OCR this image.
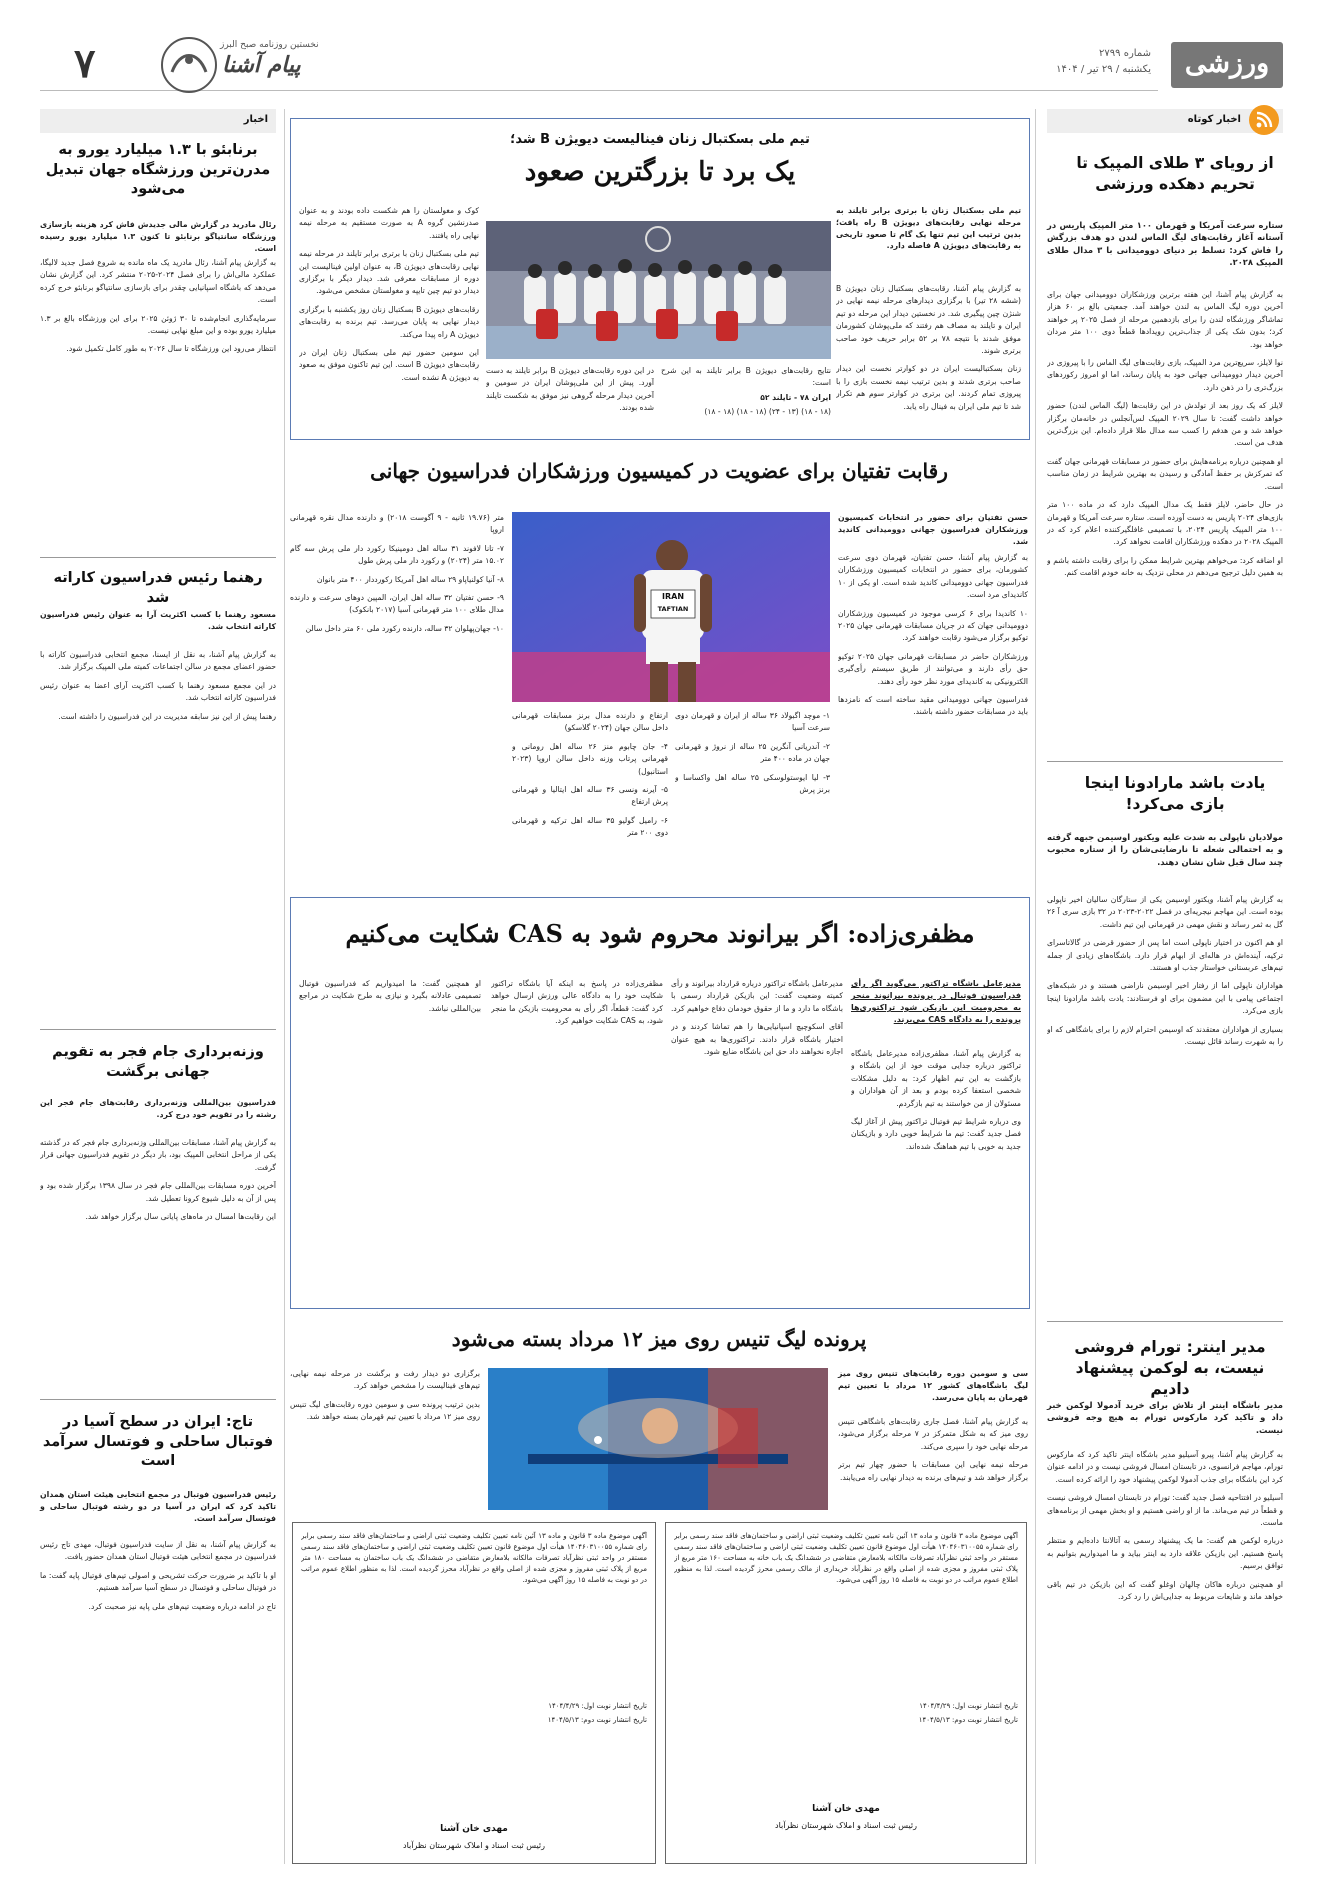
ورزشی
شماره ۲۷۹۹
یکشنبه / ۲۹ تیر / ۱۴۰۴
۷	پیام آشنا
نخستین روزنامه صبح البرز
اخبار کوتاه
از رویای ۳ طلای المپیک تا تحریم دهکده ورزشی
ستاره سرعت آمریکا و قهرمان ۱۰۰ متر المپیک پاریس در آستانه آغاز رقابت‌های لیگ الماس لندن دو هدف بزرگش را فاش کرد: تسلط بر دنیای دوومیدانی با ۳ مدال طلای المپیک ۲۰۲۸.

به گزارش پیام آشنا، این هفته برترین ورزشکاران دوومیدانی جهان برای آخرین دوره لیگ الماس به لندن خواهند آمد. جمعیتی بالغ بر ۶۰ هزار تماشاگر ورزشگاه لندن را برای بازدهمین مرحله از فصل ۲۰۲۵ پر خواهند کرد؛ بدون شک یکی از جذاب‌ترین رویدادها قطعاً دوی ۱۰۰ متر مردان خواهد بود.

نوا لایلز، سریع‌ترین مرد المپیک، بازی رقابت‌های لیگ الماس را با پیروزی در آخرین دیدار دوومیدانی جهانی خود به پایان رساند، اما او امروز رکوردهای بزرگ‌تری را در ذهن دارد.

لایلز که یک روز بعد از تولدش در این رقابت‌ها (لیگ الماس لندن) حضور خواهد داشت گفت: تا سال ۲۰۲۹ المپیک لس‌آنجلس در خانه‌مان برگزار خواهد شد و من هدفم را کسب سه مدال طلا قرار داده‌ام. این بزرگ‌ترین هدف من است.

او همچنین درباره برنامه‌هایش برای حضور در مسابقات قهرمانی جهان گفت که تمرکزش بر حفظ آمادگی و رسیدن به بهترین شرایط در زمان مناسب است.

در حال حاضر، لایلز فقط یک مدال المپیک دارد که در ماده ۱۰۰ متر بازی‌های ۲۰۲۴ پاریس به دست آورده است. ستاره سرعت آمریکا و قهرمان ۱۰۰ متر المپیک پاریس ۲۰۲۴، با تصمیمی غافلگیرکننده اعلام کرد که در المپیک ۲۰۲۸ در دهکده ورزشکاران اقامت نخواهد کرد.

او اضافه کرد: می‌خواهم بهترین شرایط ممکن را برای رقابت داشته باشم و به همین دلیل ترجیح می‌دهم در محلی نزدیک به خانه خودم اقامت کنم.

یادت باشد مارادونا اینجا بازی می‌کرد!
مولادیان ناپولی به شدت علیه ویکتور اوسیمن جبهه گرفته و به احتمالی شعله تا نارضایتی‌شان را از ستاره محبوب چند سال قبل شان نشان دهند.

به گزارش پیام آشنا، ویکتور اوسیمن یکی از ستارگان سالیان اخیر ناپولی بوده است. این مهاجم نیجریه‌ای در فصل ۲۰۲۲-۲۰۲۳ در ۳۲ بازی سری آ ۲۶ گل به ثمر رساند و نقش مهمی در قهرمانی این تیم داشت.

او هم اکنون در اختیار ناپولی است اما پس از حضور قرضی در گالاتاسرای ترکیه، آینده‌اش در هاله‌ای از ابهام قرار دارد. باشگاه‌های زیادی از جمله تیم‌های عربستانی خواستار جذب او هستند.

هواداران ناپولی اما از رفتار اخیر اوسیمن ناراضی هستند و در شبکه‌های اجتماعی پیامی با این مضمون برای او فرستادند: یادت باشد مارادونا اینجا بازی می‌کرد.

بسیاری از هواداران معتقدند که اوسیمن احترام لازم را برای باشگاهی که او را به شهرت رساند قائل نیست.

مدیر اینتر: تورام فروشی نیست، به لوکمن پیشنهاد دادیم
مدیر باشگاه اینتر از تلاش برای خرید آدمولا لوکمن خبر داد و تاکید کرد مارکوس تورام به هیچ وجه فروشی نیست.

به گزارش پیام آشنا، پیرو آسیلیو مدیر باشگاه اینتر تاکید کرد که مارکوس تورام، مهاجم فرانسوی، در تابستان امسال فروشی نیست و در ادامه عنوان کرد این باشگاه برای جذب آدمولا لوکمن پیشنهاد خود را ارائه کرده است.

آسیلیو در افتتاحیه فصل جدید گفت: تورام در تابستان امسال فروشی نیست و قطعاً در تیم می‌ماند. ما از او راضی هستیم و او بخش مهمی از برنامه‌های ماست.

درباره لوکمن هم گفت: ما یک پیشنهاد رسمی به آتالانتا داده‌ایم و منتظر پاسخ هستیم. این بازیکن علاقه دارد به اینتر بیاید و ما امیدواریم بتوانیم به توافق برسیم.

او همچنین درباره هاکان چالهان اوغلو گفت که این بازیکن در تیم باقی خواهد ماند و شایعات مربوط به جدایی‌اش را رد کرد.

تیم ملی بسکتبال زنان فینالیست دیویژن B شد؛
یک برد تا بزرگترین صعود
تیم ملی بسکتبال زنان با برتری برابر تایلند به مرحله نهایی رقابت‌های دیویژن B راه یافت؛ بدین ترتیب این تیم تنها یک گام تا صعود تاریخی به رقابت‌های دیویژن A فاصله دارد.

به گزارش پیام آشنا، رقابت‌های بسکتبال زنان دیویژن B (ششه ۲۸ تیر) با برگزاری دیدارهای مرحله نیمه نهایی در شنژن چین پیگیری شد. در نخستین دیدار این مرحله دو تیم ایران و تایلند به مصاف هم رفتند که ملی‌پوشان کشورمان موفق شدند با نتیجه ۷۸ بر ۵۲ برابر حریف خود صاحب برتری شوند.

زنان بسکتبالیست ایران در دو کوارتر نخست این دیدار صاحب برتری شدند و بدین ترتیب نیمه نخست بازی را با پیروزی تمام کردند. این برتری در کوارتر سوم هم تکرار شد تا تیم ملی ایران به فینال راه یابد.

نتایج رقابت‌های دیویژن B برابر تایلند به این شرح است:

ایران ۷۸ - تایلند ۵۲

(۱۸ - ۱۸) (۱۳ - ۲۴) (۱۸ - ۱۸) (۱۸ - ۱۸)

در این دوره رقابت‌های دیویژن B برابر تایلند به دست آورد. پیش از این ملی‌پوشان ایران در سومین و آخرین دیدار مرحله گروهی نیز موفق به شکست تایلند شده بودند.

کوک و مغولستان را هم شکست داده بودند و به عنوان صدرنشین گروه A به صورت مستقیم به مرحله نیمه نهایی راه یافتند.

تیم ملی بسکتبال زنان با برتری برابر تایلند در مرحله نیمه نهایی رقابت‌های دیویژن B، به عنوان اولین فینالیست این دوره از مسابقات معرفی شد. دیدار دیگر با برگزاری دیدار دو تیم چین تایپه و مغولستان مشخص می‌شود.

رقابت‌های دیویژن B بسکتبال زنان روز یکشنبه با برگزاری دیدار نهایی به پایان می‌رسد. تیم برنده به رقابت‌های دیویژن A راه پیدا می‌کند.

این سومین حضور تیم ملی بسکتبال زنان ایران در رقابت‌های دیویژن B است. این تیم تاکنون موفق به صعود به دیویژن A نشده است.

رقابت تفتیان برای عضویت در کمیسیون ورزشکاران فدراسیون جهانی
حسن تفتیان برای حضور در انتخابات کمیسیون ورزشکاران فدراسیون جهانی دوومیدانی کاندید شد.

به گزارش پیام آشنا، حسن تفتیان، قهرمان دوی سرعت کشورمان، برای حضور در انتخابات کمیسیون ورزشکاران فدراسیون جهانی دوومیدانی کاندید شده است. او یکی از ۱۰ کاندیدای مرد است.

۱۰ کاندیدا برای ۶ کرسی موجود در کمیسیون ورزشکاران دوومیدانی جهان که در جریان مسابقات قهرمانی جهان ۲۰۲۵ توکیو برگزار می‌شود رقابت خواهند کرد.

ورزشکاران حاضر در مسابقات قهرمانی جهان ۲۰۲۵ توکیو حق رأی دارند و می‌توانند از طریق سیستم رأی‌گیری الکترونیکی به کاندیدای مورد نظر خود رأی دهند.

فدراسیون جهانی دوومیدانی مقید ساخته است که نامزدها باید در مسابقات حضور داشته باشند.

IRAN
TAFTIAN

۱- موچد اگبولاد ۳۶ ساله از ایران و قهرمان دوی سرعت آسیا

۲- آندریانی آنگرین ۲۵ ساله از نروژ و قهرمانی جهان در ماده ۴۰۰ متر

۳- لیا ایوستولوسکی ۲۵ ساله اهل واکساسا و برنز پرش

ارتفاع و دارنده مدال برنز مسابقات قهرمانی داخل سالن جهان (۲۰۲۴ گلاسکو)

۴- جان چابوم منز ۲۶ ساله اهل رومانی و قهرمانی پرتاب وزنه داخل سالن اروپا (۲۰۲۳ استانبول)

۵- آیرنه ونسی ۳۶ ساله اهل ایتالیا و قهرمانی پرش ارتفاع

۶- رامیل گولیو ۳۵ ساله اهل ترکیه و قهرمانی دوی ۲۰۰ متر

متر (۱۹.۷۶ ثانیه - ۹ آگوست ۲۰۱۸) و دارنده مدال نقره قهرمانی اروپا

۷- تانا لافوند ۳۱ ساله اهل دومینیکا رکورد دار ملی پرش سه گام ۱۵.۰۲ متر (۲۰۲۴) و رکورد دار ملی پرش طول

۸- آنیا کولنیاپاو ۲۹ ساله اهل آمریکا رکورددار ۴۰۰ متر بانوان

۹- حسن تفتیان ۳۲ ساله اهل ایران، المپین دوهای سرعت و دارنده مدال طلای ۱۰۰ متر قهرمانی آسیا (۲۰۱۷ بانکوک)

۱۰- جهان‌پهلوان ۳۲ ساله، دارنده رکورد ملی ۶۰ متر داخل سالن

مظفری‌زاده: اگر بیرانوند محروم شود به CAS شکایت می‌کنیم
مدیرعامل باشگاه تراکتور می‌گوید اگر رأی فدراسیون فوتبال در پرونده بیرانوند منجر به محرومیت این بازیکن شود تراکتوری‌ها پرونده را به دادگاه CAS می‌برند.

به گزارش پیام آشنا، مظفری‌زاده مدیرعامل باشگاه تراکتور درباره جدایی موقت خود از این باشگاه و بازگشت به این تیم اظهار کرد: به دلیل مشکلات شخصی استعفا کرده بودم و بعد از آن هواداران و مسئولان از من خواستند به تیم بازگردم.

وی درباره شرایط تیم فوتبال تراکتور پیش از آغاز لیگ فصل جدید گفت: تیم ما شرایط خوبی دارد و بازیکنان جدید به خوبی با تیم هماهنگ شده‌اند.

مدیرعامل باشگاه تراکتور درباره قرارداد بیرانوند و رأی کمیته وضعیت گفت: این بازیکن قرارداد رسمی با باشگاه ما دارد و ما از حقوق خودمان دفاع خواهیم کرد.

آقای اسکوچیچ اسپانیایی‌ها را هم تماشا کردند و در اختیار باشگاه قرار دادند. تراکتوری‌ها به هیچ عنوان اجازه نخواهند داد حق این باشگاه ضایع شود.

مظفری‌زاده در پاسخ به اینکه آیا باشگاه تراکتور شکایت خود را به دادگاه عالی ورزش ارسال خواهد کرد گفت: قطعاً، اگر رأی به محرومیت بازیکن ما منجر شود، به CAS شکایت خواهیم کرد.

او همچنین گفت: ما امیدواریم که فدراسیون فوتبال تصمیمی عادلانه بگیرد و نیازی به طرح شکایت در مراجع بین‌المللی نباشد.

پرونده لیگ تنیس روی میز ۱۲ مرداد بسته می‌شود
سی و سومین دوره رقابت‌های تنیس روی میز لیگ باشگاه‌های کشور ۱۲ مرداد با تعیین تیم قهرمان به پایان می‌رسد.

به گزارش پیام آشنا، فصل جاری رقابت‌های باشگاهی تنیس روی میز که به شکل متمرکز در ۷ مرحله برگزار می‌شود، مرحله نهایی خود را سپری می‌کند.

مرحله نیمه نهایی این مسابقات با حضور چهار تیم برتر برگزار خواهد شد و تیم‌های برنده به دیدار نهایی راه می‌یابند.

برگزاری دو دیدار رفت و برگشت در مرحله نیمه نهایی، تیم‌های فینالیست را مشخص خواهد کرد.

بدین ترتیب پرونده سی و سومین دوره رقابت‌های لیگ تنیس روی میز ۱۲ مرداد با تعیین تیم قهرمان بسته خواهد شد.

آگهی موضوع ماده ۳ قانون و ماده ۱۳ آئین نامه تعیین تکلیف وضعیت ثبتی اراضی و ساختمان‌های فاقد سند رسمی برابر رای شماره ۱۴۰۴۶۰۳۱۰۰۵۵ هیأت اول موضوع قانون تعیین تکلیف وضعیت ثبتی اراضی و ساختمان‌های فاقد سند رسمی مستقر در واحد ثبتی نظرآباد تصرفات مالکانه بلامعارض متقاضی در ششدانگ یک باب خانه به مساحت ۱۶۰ متر مربع از پلاک ثبتی مفروز و مجزی شده از اصلی واقع در نظرآباد خریداری از مالک رسمی محرز گردیده است. لذا به منظور اطلاع عموم مراتب در دو نوبت به فاصله ۱۵ روز آگهی می‌شود.
تاریخ انتشار نوبت اول: ۱۴۰۴/۴/۲۹
تاریخ انتشار نوبت دوم: ۱۴۰۴/۵/۱۳
مهدی خان آشنا
رئیس ثبت اسناد و املاک شهرستان نظرآباد
آگهی موضوع ماده ۳ قانون و ماده ۱۳ آئین نامه تعیین تکلیف وضعیت ثبتی اراضی و ساختمان‌های فاقد سند رسمی برابر رای شماره ۱۴۰۴۶۰۳۱۰۰۵۵ هیأت اول موضوع قانون تعیین تکلیف وضعیت ثبتی اراضی و ساختمان‌های فاقد سند رسمی مستقر در واحد ثبتی نظرآباد تصرفات مالکانه بلامعارض متقاضی در ششدانگ یک باب ساختمان به مساحت ۱۸۰ متر مربع از پلاک ثبتی مفروز و مجزی شده از اصلی واقع در نظرآباد محرز گردیده است. لذا به منظور اطلاع عموم مراتب در دو نوبت به فاصله ۱۵ روز آگهی می‌شود.
تاریخ انتشار نوبت اول: ۱۴۰۴/۴/۲۹
تاریخ انتشار نوبت دوم: ۱۴۰۴/۵/۱۳
مهدی خان آشنا
رئیس ثبت اسناد و املاک شهرستان نظرآباد
اخبار
برنابئو با ۱.۳ میلیارد یورو به مدرن‌ترین ورزشگاه جهان تبدیل می‌شود
رئال مادرید در گزارش مالی جدیدش فاش کرد هزینه بازسازی ورزشگاه سانتیاگو برنابئو تا کنون ۱.۳ میلیارد یورو رسیده است.

به گزارش پیام آشنا، رئال مادرید یک ماه مانده به شروع فصل جدید لالیگا، عملکرد مالی‌اش را برای فصل ۲۰۲۴-۲۰۲۵ منتشر کرد. این گزارش نشان می‌دهد که باشگاه اسپانیایی چقدر برای بازسازی سانتیاگو برنابئو خرج کرده است.

سرمایه‌گذاری انجام‌شده تا ۳۰ ژوئن ۲۰۲۵ برای این ورزشگاه بالغ بر ۱.۳ میلیارد یورو بوده و این مبلغ نهایی نیست.

انتظار می‌رود این ورزشگاه تا سال ۲۰۲۶ به طور کامل تکمیل شود.

رهنما رئیس فدراسیون کاراته شد
مسعود رهنما با کسب اکثریت آرا به عنوان رئیس فدراسیون کاراته انتخاب شد.

به گزارش پیام آشنا، به نقل از ایسنا، مجمع انتخابی فدراسیون کاراته با حضور اعضای مجمع در سالن اجتماعات کمیته ملی المپیک برگزار شد.

در این مجمع مسعود رهنما با کسب اکثریت آرای اعضا به عنوان رئیس فدراسیون کاراته انتخاب شد.

رهنما پیش از این نیز سابقه مدیریت در این فدراسیون را داشته است.

وزنه‌برداری جام فجر به تقویم جهانی برگشت
فدراسیون بین‌المللی وزنه‌برداری رقابت‌های جام فجر این رشته را در تقویم خود درج کرد.

به گزارش پیام آشنا، مسابقات بین‌المللی وزنه‌برداری جام فجر که در گذشته یکی از مراحل انتخابی المپیک بود، بار دیگر در تقویم فدراسیون جهانی قرار گرفت.

آخرین دوره مسابقات بین‌المللی جام فجر در سال ۱۳۹۸ برگزار شده بود و پس از آن به دلیل شیوع کرونا تعطیل شد.

این رقابت‌ها امسال در ماه‌های پایانی سال برگزار خواهد شد.

تاج: ایران در سطح آسیا در فوتبال ساحلی و فوتسال سرآمد است
رئیس فدراسیون فوتبال در مجمع انتخابی هیئت استان همدان تاکید کرد که ایران در آسیا در دو رشته فوتبال ساحلی و فوتسال سرآمد است.

به گزارش پیام آشنا، به نقل از سایت فدراسیون فوتبال، مهدی تاج رئیس فدراسیون در مجمع انتخابی هیئت فوتبال استان همدان حضور یافت.

او با تاکید بر ضرورت حرکت تشریحی و اصولی تیم‌های فوتبال پایه گفت: ما در فوتبال ساحلی و فوتسال در سطح آسیا سرآمد هستیم.

تاج در ادامه درباره وضعیت تیم‌های ملی پایه نیز صحبت کرد.
